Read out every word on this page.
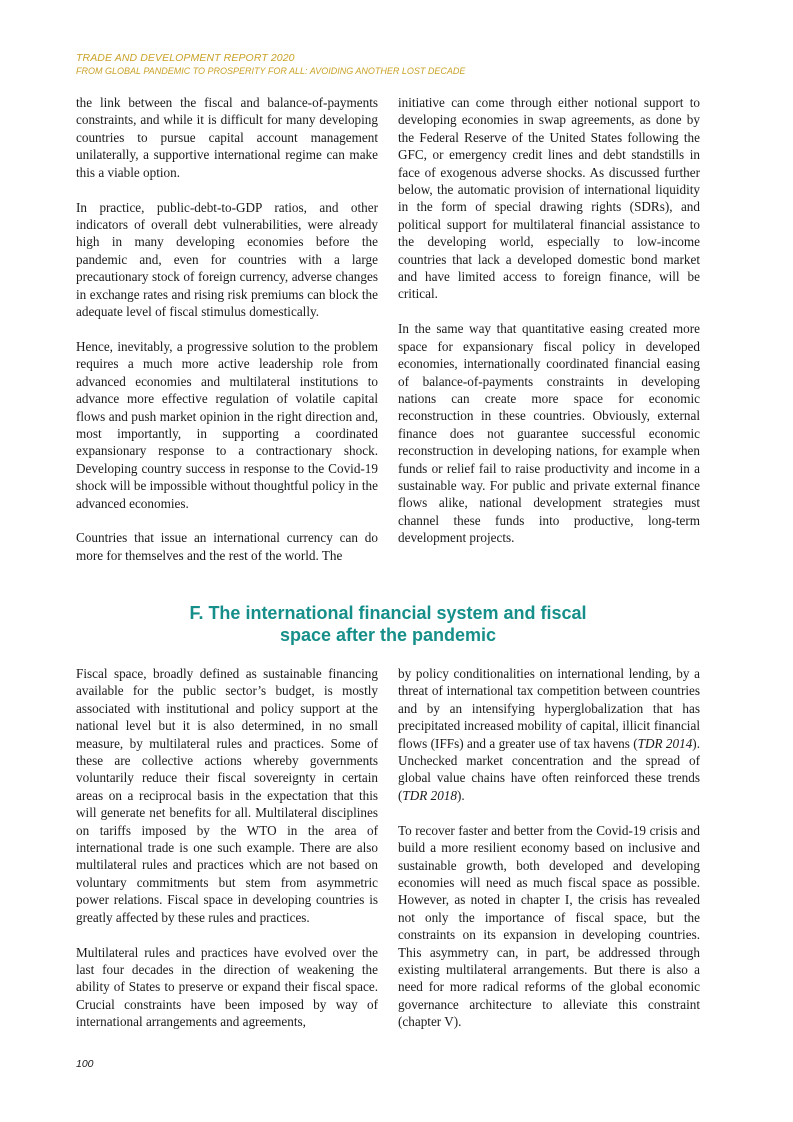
TRADE AND DEVELOPMENT REPORT 2020
FROM GLOBAL PANDEMIC TO PROSPERITY FOR ALL: AVOIDING ANOTHER LOST DECADE

the link between the fiscal and balance-of-payments constraints, and while it is difficult for many developing countries to pursue capital account management unilaterally, a supportive international regime can make this a viable option.

In practice, public-debt-to-GDP ratios, and other indicators of overall debt vulnerabilities, were already high in many developing economies before the pandemic and, even for countries with a large precautionary stock of foreign currency, adverse changes in exchange rates and rising risk premiums can block the adequate level of fiscal stimulus domestically.

Hence, inevitably, a progressive solution to the problem requires a much more active leadership role from advanced economies and multilateral institutions to advance more effective regulation of volatile capital flows and push market opinion in the right direction and, most importantly, in supporting a coordinated expansionary response to a contractionary shock. Developing country success in response to the Covid-19 shock will be impossible without thoughtful policy in the advanced economies.

Countries that issue an international currency can do more for themselves and the rest of the world. The

initiative can come through either notional support to developing economies in swap agreements, as done by the Federal Reserve of the United States following the GFC, or emergency credit lines and debt standstills in face of exogenous adverse shocks. As discussed further below, the automatic provision of international liquidity in the form of special drawing rights (SDRs), and political support for multilateral financial assistance to the developing world, especially to low-income countries that lack a developed domestic bond market and have limited access to foreign finance, will be critical.

In the same way that quantitative easing created more space for expansionary fiscal policy in developed economies, internationally coordinated financial easing of balance-of-payments constraints in developing nations can create more space for economic reconstruction in these countries. Obviously, external finance does not guarantee successful economic reconstruction in developing nations, for example when funds or relief fail to raise productivity and income in a sustainable way. For public and private external finance flows alike, national development strategies must channel these funds into productive, long-term development projects.

F. The international financial system and fiscal
space after the pandemic

Fiscal space, broadly defined as sustainable financing available for the public sector’s budget, is mostly associated with institutional and policy support at the national level but it is also determined, in no small measure, by multilateral rules and practices. Some of these are collective actions whereby governments voluntarily reduce their fiscal sovereignty in certain areas on a reciprocal basis in the expectation that this will generate net benefits for all. Multilateral disciplines on tariffs imposed by the WTO in the area of international trade is one such example. There are also multilateral rules and practices which are not based on voluntary commitments but stem from asymmetric power relations. Fiscal space in developing countries is greatly affected by these rules and practices.

Multilateral rules and practices have evolved over the last four decades in the direction of weakening the ability of States to preserve or expand their fiscal space. Crucial constraints have been imposed by way of international arrangements and agreements,

by policy conditionalities on international lending, by a threat of international tax competition between countries and by an intensifying hyperglobalization that has precipitated increased mobility of capital, illicit financial flows (IFFs) and a greater use of tax havens (TDR 2014). Unchecked market concentration and the spread of global value chains have often reinforced these trends (TDR 2018).

To recover faster and better from the Covid-19 crisis and build a more resilient economy based on inclusive and sustainable growth, both developed and developing economies will need as much fiscal space as possible. However, as noted in chapter I, the crisis has revealed not only the importance of fiscal space, but the constraints on its expansion in developing countries. This asymmetry can, in part, be addressed through existing multilateral arrangements. But there is also a need for more radical reforms of the global economic governance architecture to alleviate this constraint (chapter V).

100
